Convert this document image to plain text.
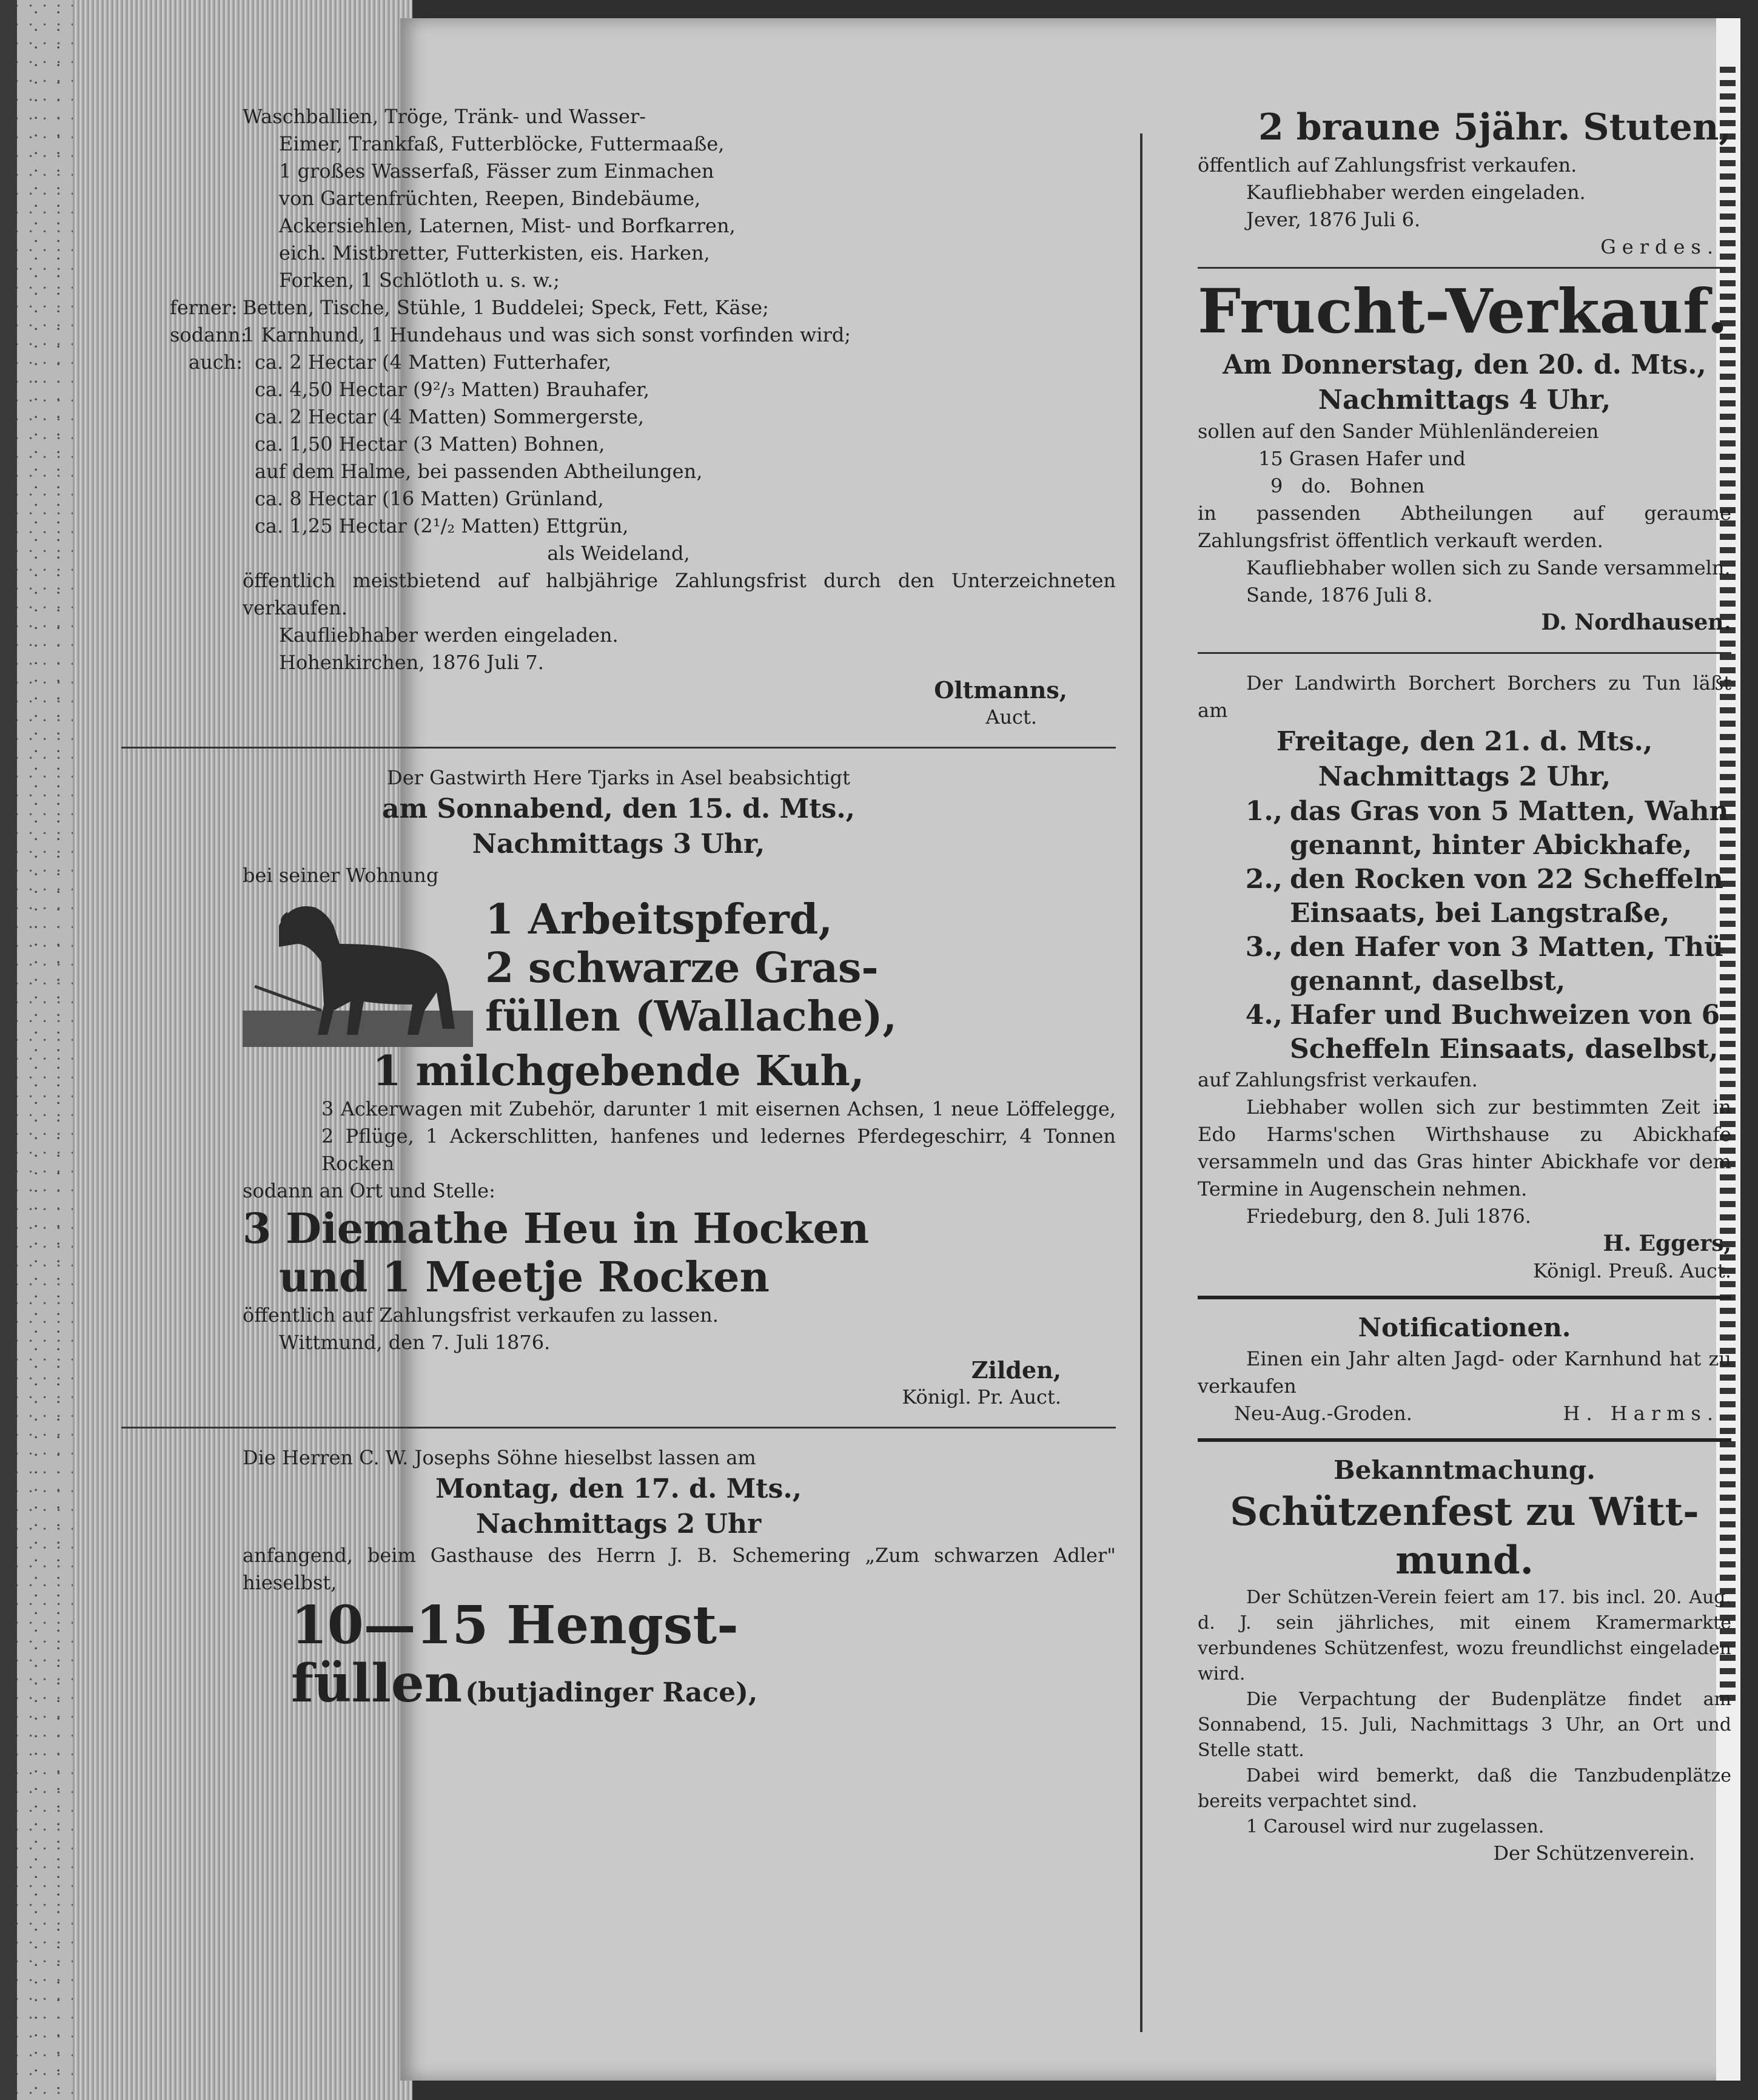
Waschballien, Tröge, Tränk- und Wasser-

Eimer, Trankfaß, Futterblöcke, Futtermaaße,

1 großes Wasserfaß, Fässer zum Einmachen

von Gartenfrüchten, Reepen, Bindebäume,

Ackersiehlen, Laternen, Mist- und Borfkarren,

eich. Mistbretter, Futterkisten, eis. Harken,

Forken, 1 Schlötloth u. s. w.;

ferner: Betten, Tische, Stühle, 1 Buddelei; Speck, Fett, Käse;
sodann:
1 Karnhund, 1 Hundehaus und was sich sonst vorfinden wird;
auch: ca. 2 Hectar (4 Matten) Futterhafer,

ca. 4,50 Hectar (9²/₃ Matten) Brauhafer,

ca. 2 Hectar (4 Matten) Sommergerste,

ca. 1,50 Hectar (3 Matten) Bohnen,

auf dem Halme, bei passenden Abtheilungen,

ca. 8 Hectar (16 Matten) Grünland,

ca. 1,25 Hectar (2¹/₂ Matten) Ettgrün,

als Weideland,

öffentlich meistbietend auf halbjährige Zahlungsfrist durch den Unterzeichneten verkaufen.

Kaufliebhaber werden eingeladen.

Hohenkirchen, 1876 Juli 7.

Oltmanns,

Auct.

Der Gastwirth Here Tjarks in Asel beabsichtigt

am Sonnabend, den 15. d. Mts.,

Nachmittags 3 Uhr,

bei seiner Wohnung

1 Arbeitspferd,

2 schwarze Gras-

füllen (Wallache),

1 milchgebende Kuh,

3 Ackerwagen mit Zubehör, darunter 1 mit eisernen Achsen, 1 neue Löffelegge, 2 Pflüge, 1 Ackerschlitten, hanfenes und ledernes Pferdegeschirr, 4 Tonnen Rocken

sodann an Ort und Stelle:

3 Diemathe Heu in Hocken

und 1 Meetje Rocken

öffentlich auf Zahlungsfrist verkaufen zu lassen.

Wittmund, den 7. Juli 1876.

Zilden,

Königl. Pr. Auct.

Die Herren C. W. Josephs Söhne hieselbst lassen am

Montag, den 17. d. Mts.,

Nachmittags 2 Uhr

anfangend, beim Gasthause des Herrn J. B. Schemering „Zum schwarzen Adler" hieselbst,

10—15 Hengst-

füllen (butjadinger Race),

2 braune 5jähr. Stuten,

öffentlich auf Zahlungsfrist verkaufen.

Kaufliebhaber werden eingeladen.

Jever, 1876 Juli 6.

Gerdes.

Frucht-Verkauf.

Am Donnerstag, den 20. d. Mts.,

Nachmittags 4 Uhr,

sollen auf den Sander Mühlenländereien

15 Grasen Hafer und

9   do.   Bohnen

in passenden Abtheilungen auf geraume Zahlungsfrist öffentlich verkauft werden.

Kaufliebhaber wollen sich zu Sande versammeln.

Sande, 1876 Juli 8.

D. Nordhausen.

Der Landwirth Borchert Borchers zu Tun läßt am

Freitage, den 21. d. Mts.,

Nachmittags 2 Uhr,

1., das Gras von 5 Matten, Wahn genannt, hinter Abickhafe,
2., den Rocken von 22 Scheffeln Einsaats, bei Langstraße,
3., den Hafer von 3 Matten, Thü genannt, daselbst,
4., Hafer und Buchweizen von 6 Scheffeln Einsaats, daselbst,

auf Zahlungsfrist verkaufen.

Liebhaber wollen sich zur bestimmten Zeit in Edo Harms'schen Wirthshause zu Abickhafe versammeln und das Gras hinter Abickhafe vor dem Termine in Augenschein nehmen.

Friedeburg, den 8. Juli 1876.

H. Eggers,

Königl. Preuß. Auct.

Notificationen.

Einen ein Jahr alten Jagd- oder Karnhund hat zu verkaufen

Neu-Aug.-Groden.	H. Harms.

Bekanntmachung.

Schützenfest zu Witt-

mund.

Der Schützen-Verein feiert am 17. bis incl. 20. Aug. d. J. sein jährliches, mit einem Kramermarkte verbundenes Schützenfest, wozu freundlichst eingeladen wird.

Die Verpachtung der Budenplätze findet am Sonnabend, 15. Juli, Nachmittags 3 Uhr, an Ort und Stelle statt.

Dabei wird bemerkt, daß die Tanzbudenplätze bereits verpachtet sind.

1 Carousel wird nur zugelassen.

Der Schützenverein.
